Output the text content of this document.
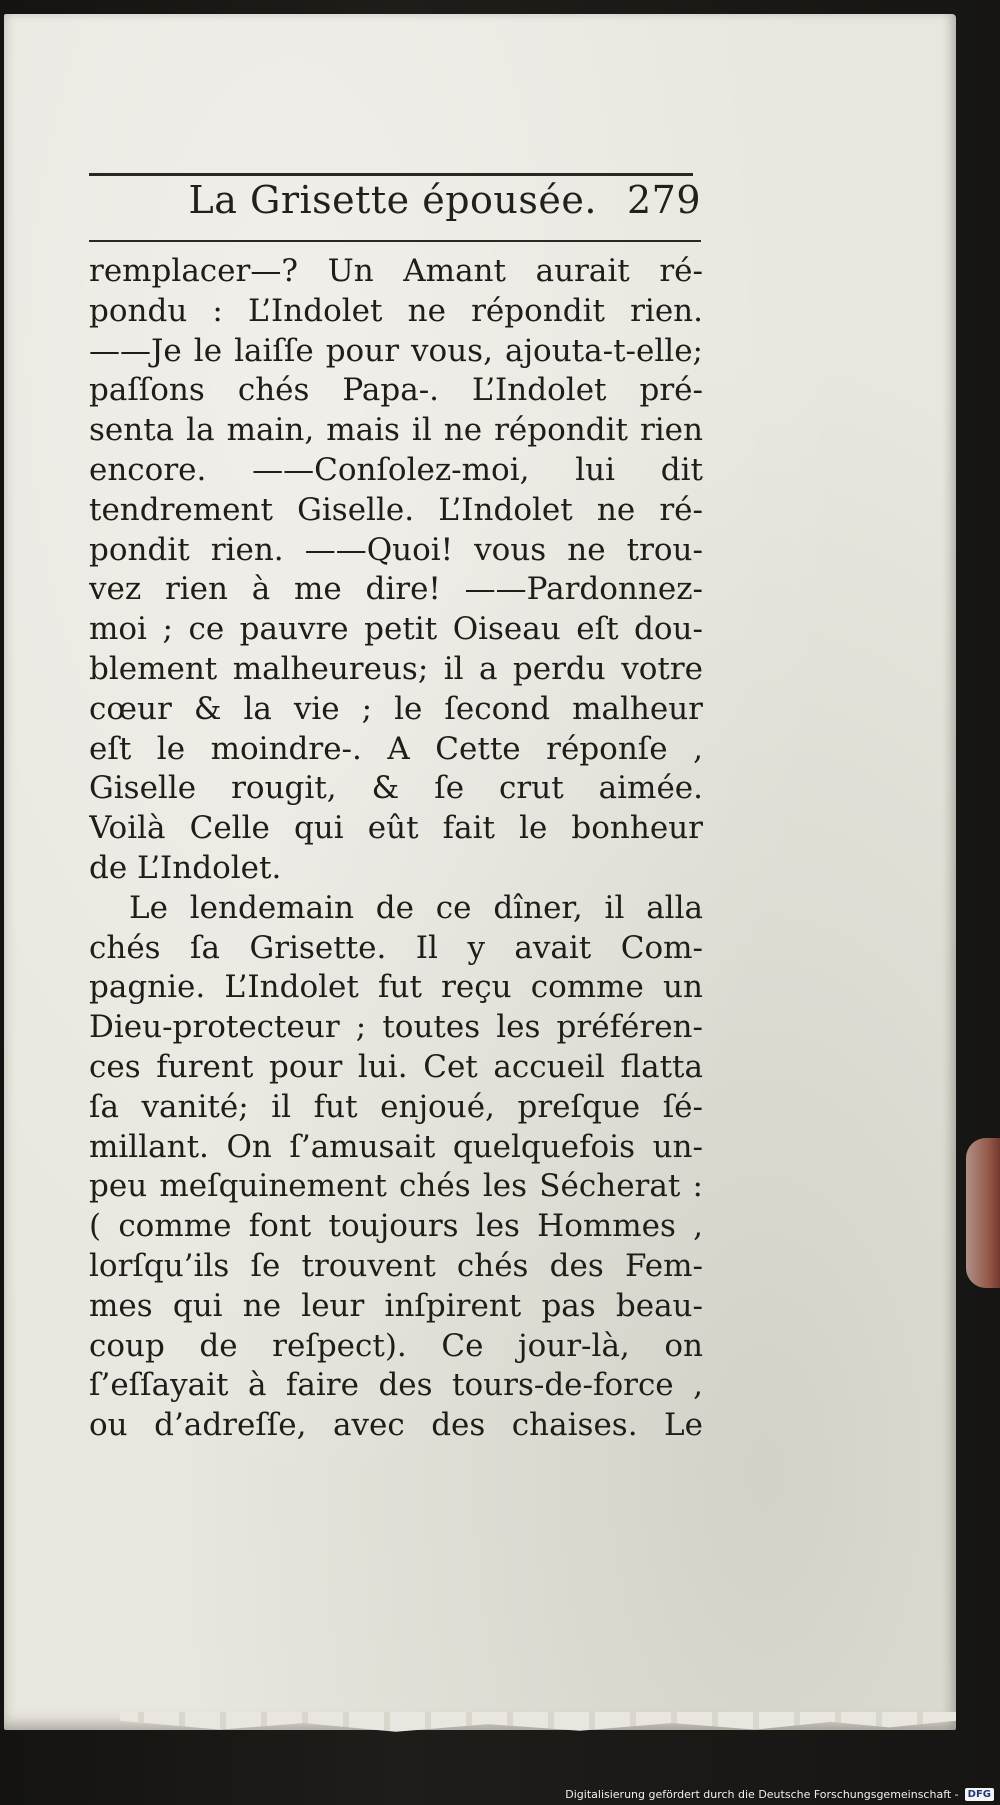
La Grisette épousée. 279
remplacer—? Un Amant aurait ré-
pondu : L’Indolet ne répondit rien.
——Je le laiſſe pour vous, ajouta-t-elle;
paſſons chés Papa-. L’Indolet pré-
senta la main, mais il ne répondit rien
encore. ——Conſolez-moi, lui dit
tendrement Giselle. L’Indolet ne ré-
pondit rien. ——Quoi! vous ne trou-
vez rien à me dire! ——Pardonnez-
moi ; ce pauvre petit Oiseau eſt dou-
blement malheureus; il a perdu votre
cœur & la vie ; le ſecond malheur
eſt le moindre-. A Cette réponſe ,
Giselle rougit, & ſe crut aimée.
Voilà Celle qui eût fait le bonheur
de L’Indolet.
Le lendemain de ce dîner, il alla
chés ſa Grisette. Il y avait Com-
pagnie. L’Indolet fut reçu comme un
Dieu-protecteur ; toutes les préféren-
ces furent pour lui. Cet accueil flatta
ſa vanité; il fut enjoué, preſque ſé-
millant. On ſ’amusait quelquefois un-
peu meſquinement chés les Sécherat :
( comme font toujours les Hommes ,
lorſqu’ils ſe trouvent chés des Fem-
mes qui ne leur inſpirent pas beau-
coup de reſpect). Ce jour-là, on
ſ’eſſayait à faire des tours-de-force ,
ou d’adreſſe, avec des chaises. Le
Digitalisierung gefördert durch die Deutsche Forschungsgemeinschaft - DFG
